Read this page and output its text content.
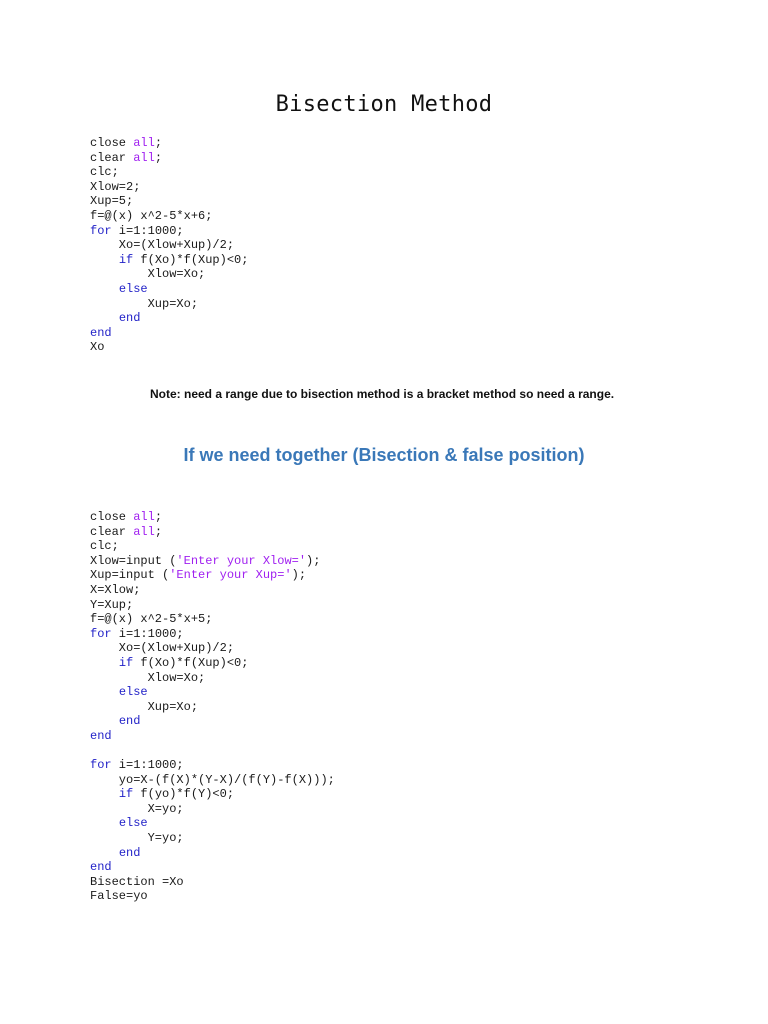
Bisection Method
close all;
clear all;
clc;
Xlow=2;
Xup=5;
f=@(x) x^2-5*x+6;
for i=1:1000;
Xo=(Xlow+Xup)/2;
if f(Xo)*f(Xup)<0;
Xlow=Xo;
else
Xup=Xo;
end
end
Xo

Note: need a range due to bisection method is a bracket method so need a range.

If we need together (Bisection & false position)
close all;
clear all;
clc;
Xlow=input ('Enter your Xlow=');
Xup=input ('Enter your Xup=');
X=Xlow;
Y=Xup;
f=@(x) x^2-5*x+5;
for i=1:1000;
Xo=(Xlow+Xup)/2;
if f(Xo)*f(Xup)<0;
Xlow=Xo;
else
Xup=Xo;
end
end
for i=1:1000;
yo=X-(f(X)*(Y-X)/(f(Y)-f(X)));
if f(yo)*f(Y)<0;
X=yo;
else
Y=yo;
end
end
Bisection =Xo
False=yo
